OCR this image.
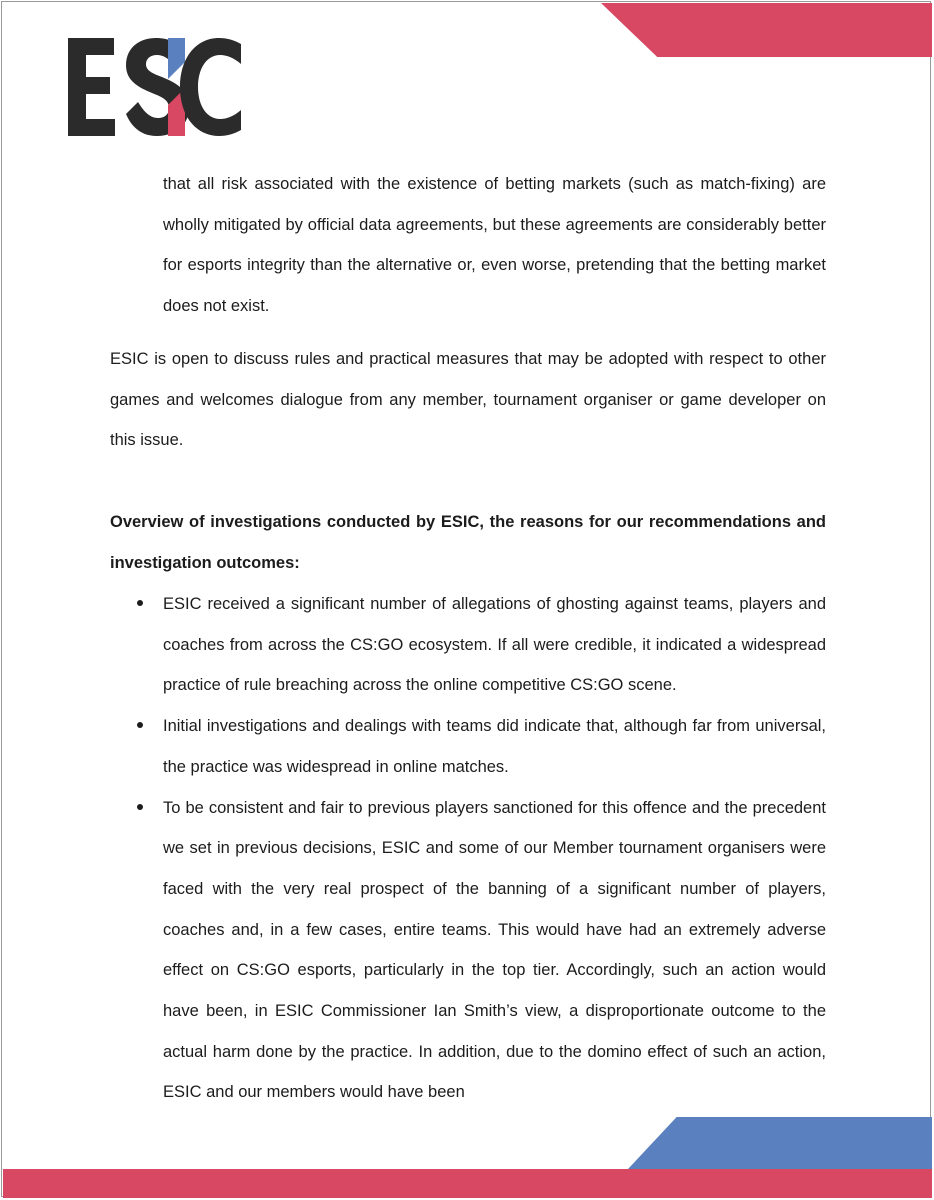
that all risk associated with the existence of betting markets (such as match-fixing) are wholly mitigated by official data agreements, but these agreements are considerably better for esports integrity than the alternative or, even worse, pretending that the betting market does not exist.
ESIC is open to discuss rules and practical measures that may be adopted with respect to other games and welcomes dialogue from any member, tournament organiser or game developer on this issue.
Overview of investigations conducted by ESIC, the reasons for our recommendations and investigation outcomes:
ESIC received a significant number of allegations of ghosting against teams, players and coaches from across the CS:GO ecosystem. If all were credible, it indicated a widespread practice of rule breaching across the online competitive CS:GO scene.
Initial investigations and dealings with teams did indicate that, although far from universal, the practice was widespread in online matches.
To be consistent and fair to previous players sanctioned for this offence and the precedent we set in previous decisions, ESIC and some of our Member tournament organisers were faced with the very real prospect of the banning of a significant number of players, coaches and, in a few cases, entire teams. This would have had an extremely adverse effect on CS:GO esports, particularly in the top tier. Accordingly, such an action would have been, in ESIC Commissioner Ian Smith’s view, a disproportionate outcome to the actual harm done by the practice. In addition, due to the domino effect of such an action, ESIC and our members would have been
